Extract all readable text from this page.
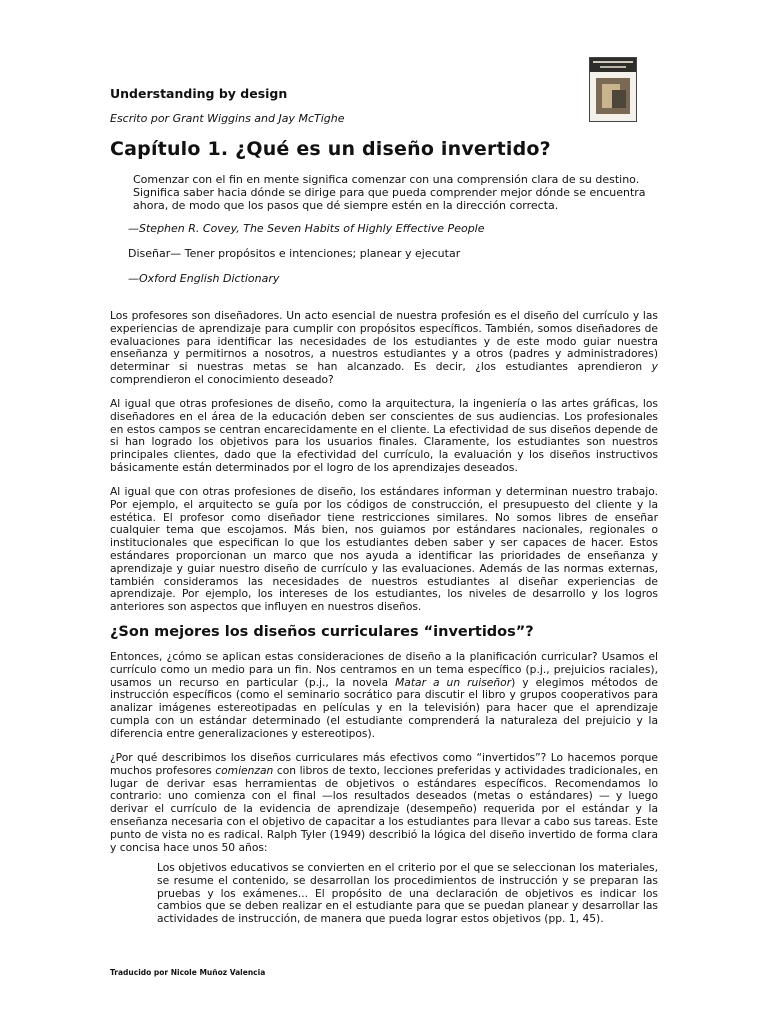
Understanding by design

Escrito por Grant Wiggins and Jay McTighe

Capítulo 1. ¿Qué es un diseño invertido?

Comenzar con el fin en mente significa comenzar con una comprensión clara de su destino. Significa saber hacia dónde se dirige para que pueda comprender mejor dónde se encuentra ahora, de modo que los pasos que dé siempre estén en la dirección correcta.

—Stephen R. Covey, The Seven Habits of Highly Effective People

Diseñar— Tener propósitos e intenciones; planear y ejecutar

—Oxford English Dictionary

Los profesores son diseñadores. Un acto esencial de nuestra profesión es el diseño del currículo y las experiencias de aprendizaje para cumplir con propósitos específicos. También, somos diseñadores de evaluaciones para identificar las necesidades de los estudiantes y de este modo guiar nuestra enseñanza y permitirnos a nosotros, a nuestros estudiantes y a otros (padres y administradores) determinar si nuestras metas se han alcanzado. Es decir, ¿los estudiantes aprendieron y comprendieron el conocimiento deseado?

Al igual que otras profesiones de diseño, como la arquitectura, la ingeniería o las artes gráficas, los diseñadores en el área de la educación deben ser conscientes de sus audiencias. Los profesionales en estos campos se centran encarecidamente en el cliente. La efectividad de sus diseños depende de si han logrado los objetivos para los usuarios finales. Claramente, los estudiantes son nuestros principales clientes, dado que la efectividad del currículo, la evaluación y los diseños instructivos básicamente están determinados por el logro de los aprendizajes deseados.

Al igual que con otras profesiones de diseño, los estándares informan y determinan nuestro trabajo. Por ejemplo, el arquitecto se guía por los códigos de construcción, el presupuesto del cliente y la estética. El profesor como diseñador tiene restricciones similares. No somos libres de enseñar cualquier tema que escojamos. Más bien, nos guiamos por estándares nacionales, regionales o institucionales que especifican lo que los estudiantes deben saber y ser capaces de hacer. Estos estándares proporcionan un marco que nos ayuda a identificar las prioridades de enseñanza y aprendizaje y guiar nuestro diseño de currículo y las evaluaciones. Además de las normas externas, también consideramos las necesidades de nuestros estudiantes al diseñar experiencias de aprendizaje. Por ejemplo, los intereses de los estudiantes, los niveles de desarrollo y los logros anteriores son aspectos que influyen en nuestros diseños.

¿Son mejores los diseños curriculares “invertidos”?

Entonces, ¿cómo se aplican estas consideraciones de diseño a la planificación curricular? Usamos el currículo como un medio para un fin. Nos centramos en un tema específico (p.j., prejuicios raciales), usamos un recurso en particular (p.j., la novela Matar a un ruiseñor) y elegimos métodos de instrucción específicos (como el seminario socrático para discutir el libro y grupos cooperativos para analizar imágenes estereotipadas en películas y en la televisión) para hacer que el aprendizaje cumpla con un estándar determinado (el estudiante comprenderá la naturaleza del prejuicio y la diferencia entre generalizaciones y estereotipos).

¿Por qué describimos los diseños curriculares más efectivos como “invertidos”? Lo hacemos porque muchos profesores comienzan con libros de texto, lecciones preferidas y actividades tradicionales, en lugar de derivar esas herramientas de objetivos o estándares específicos. Recomendamos lo contrario: uno comienza con el final —los resultados deseados (metas o estándares) — y luego derivar el currículo de la evidencia de aprendizaje (desempeño) requerida por el estándar y la enseñanza necesaria con el objetivo de capacitar a los estudiantes para llevar a cabo sus tareas. Este punto de vista no es radical. Ralph Tyler (1949) describió la lógica del diseño invertido de forma clara y concisa hace unos 50 años:

Los objetivos educativos se convierten en el criterio por el que se seleccionan los materiales, se resume el contenido, se desarrollan los procedimientos de instrucción y se preparan las pruebas y los exámenes... El propósito de una declaración de objetivos es indicar los cambios que se deben realizar en el estudiante para que se puedan planear y desarrollar las actividades de instrucción, de manera que pueda lograr estos objetivos (pp. 1, 45).

Traducido por Nicole Muñoz Valencia
